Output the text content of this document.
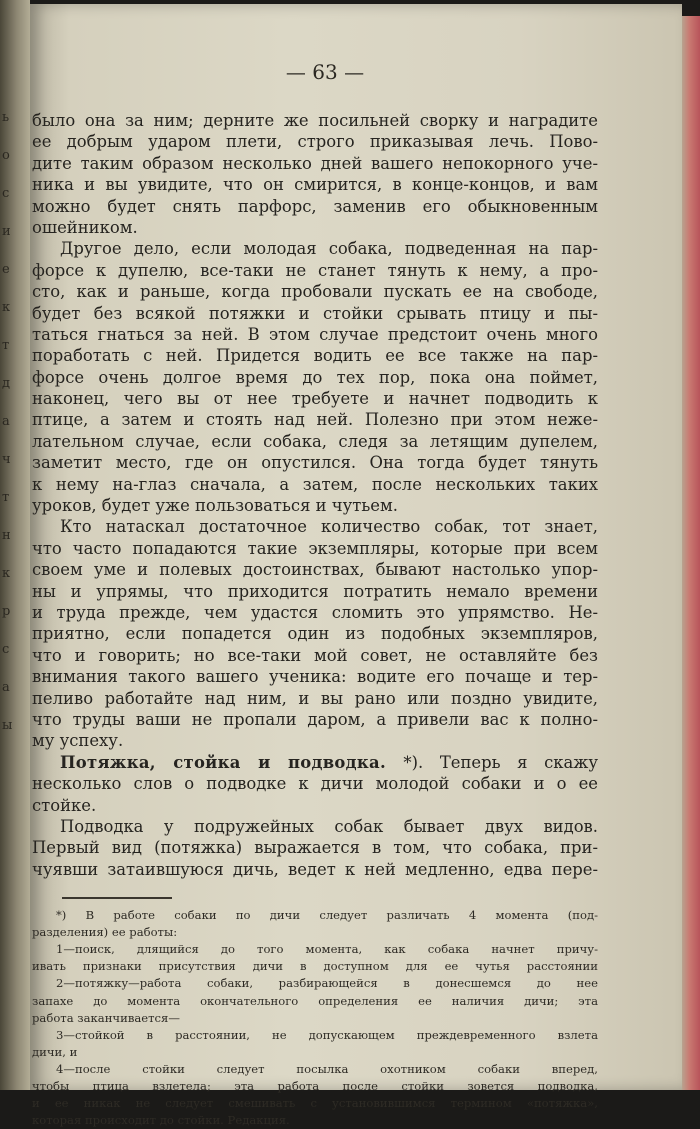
ь
о
с
и
е
к
т
д
а
ч
т
н
к
р
с
а
ы
— 63 —
было она за ним; дерните же посильней сворку и наградите
ее добрым ударом плети, строго приказывая лечь. Пово-
дите таким образом несколько дней вашего непокорного уче-
ника и вы увидите, что он смирится, в конце-концов, и вам
можно будет снять парфорс, заменив его обыкновенным
ошейником.
Другое дело, если молодая собака, подведенная на пар-
форсе к дупелю, все-таки не станет тянуть к нему, а про-
сто, как и раньше, когда пробовали пускать ее на свободе,
будет без всякой потяжки и стойки срывать птицу и пы-
таться гнаться за ней. В этом случае предстоит очень много
поработать с ней. Придется водить ее все также на пар-
форсе очень долгое время до тех пор, пока она поймет,
наконец, чего вы от нее требуете и начнет подводить к
птице, а затем и стоять над ней. Полезно при этом неже-
лательном случае, если собака, следя за летящим дупелем,
заметит место, где он опустился. Она тогда будет тянуть
к нему на-глаз сначала, а затем, после нескольких таких
уроков, будет уже пользоваться и чутьем.
Кто натаскал достаточное количество собак, тот знает,
что часто попадаются такие экземпляры, которые при всем
своем уме и полевых достоинствах, бывают настолько упор-
ны и упрямы, что приходится потратить немало времени
и труда прежде, чем удастся сломить это упрямство. Не-
приятно, если попадется один из подобных экземпляров,
что и говорить; но все-таки мой совет, не оставляйте без
внимания такого вашего ученика: водите его почаще и тер-
пеливо работайте над ним, и вы рано или поздно увидите,
что труды ваши не пропали даром, а привели вас к полно-
му успеху.
Потяжка, стойка и подводка. *). Теперь я скажу
несколько слов о подводке к дичи молодой собаки и о ее
стойке.
Подводка у подружейных собак бывает двух видов.
Первый вид (потяжка) выражается в том, что собака, при-
чуявши затаившуюся дичь, ведет к ней медленно, едва пере-
*) В работе собаки по дичи следует различать 4 момента (под-
разделения) ее работы:
1—поиск, длящийся до того момента, как собака начнет причу-
ивать признаки присутствия дичи в доступном для ее чутья расстоянии
2—потяжку—работа собаки, разбирающейся в донесшемся до нее
запахе до момента окончательного определения ее наличия дичи; эта
работа заканчивается—
3—стойкой в расстоянии, не допускающем преждевременного взлета
дичи, и
4—после стойки следует посылка охотником собаки вперед,
чтобы птица взлетела; эта работа после стойки зовется подводка,
и ее никак не следует смешивать с установившимся термином «потяжка»,
которая происходит до стойки. Редакция.
